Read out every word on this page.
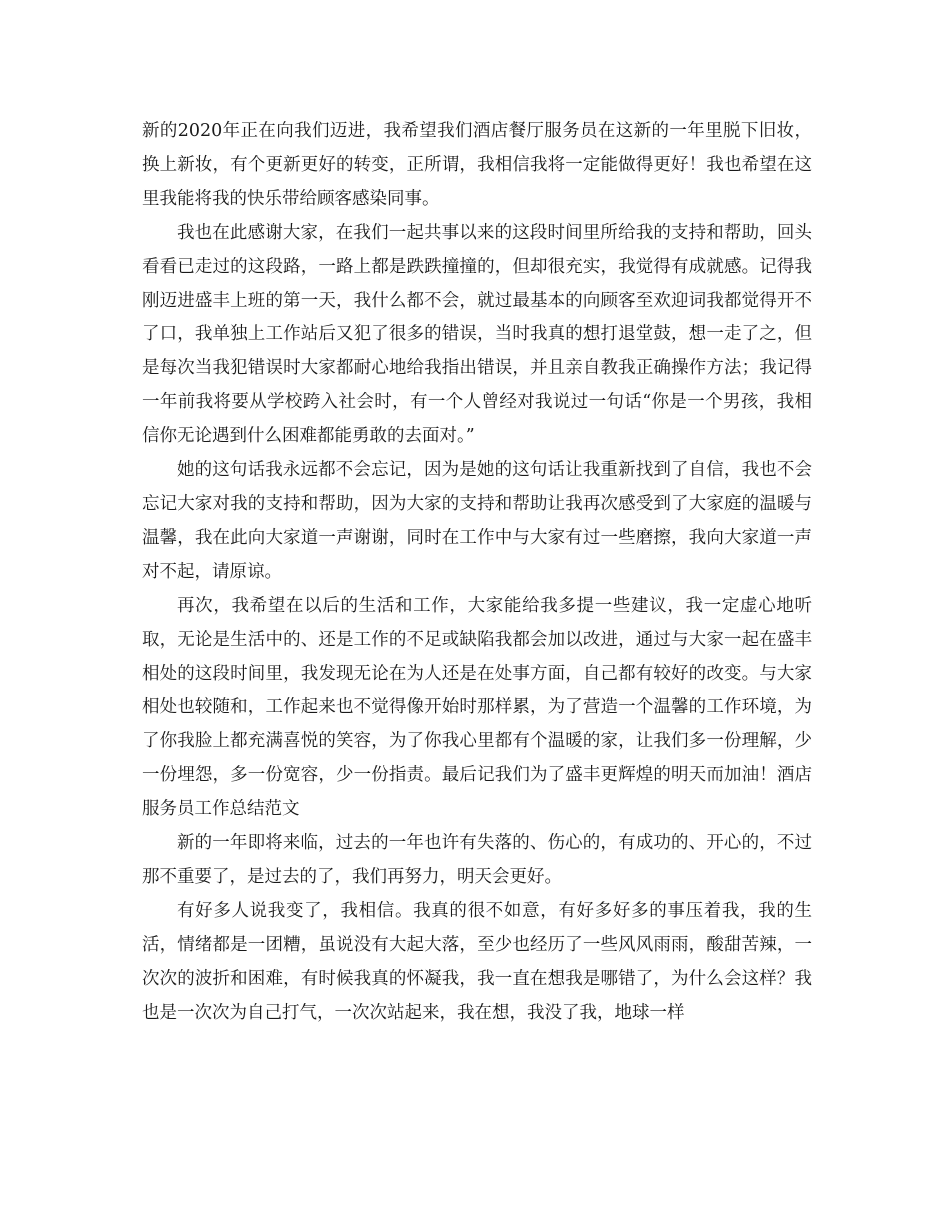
新的2020年正在向我们迈进，我希望我们酒店餐厅服务员在这新的一年里脱下旧妆，换上新妆，有个更新更好的转变，正所谓，我相信我将一定能做得更好！我也希望在这里我能将我的快乐带给顾客感染同事。

我也在此感谢大家，在我们一起共事以来的这段时间里所给我的支持和帮助，回头看看已走过的这段路，一路上都是跌跌撞撞的，但却很充实，我觉得有成就感。记得我刚迈进盛丰上班的第一天，我什么都不会，就过最基本的向顾客至欢迎词我都觉得开不了口，我单独上工作站后又犯了很多的错误，当时我真的想打退堂鼓，想一走了之，但是每次当我犯错误时大家都耐心地给我指出错误，并且亲自教我正确操作方法；我记得一年前我将要从学校跨入社会时，有一个人曾经对我说过一句话“你是一个男孩，我相信你无论遇到什么困难都能勇敢的去面对。”

她的这句话我永远都不会忘记，因为是她的这句话让我重新找到了自信，我也不会忘记大家对我的支持和帮助，因为大家的支持和帮助让我再次感受到了大家庭的温暖与温馨，我在此向大家道一声谢谢，同时在工作中与大家有过一些磨擦，我向大家道一声对不起，请原谅。

再次，我希望在以后的生活和工作，大家能给我多提一些建议，我一定虚心地听取，无论是生活中的、还是工作的不足或缺陷我都会加以改进，通过与大家一起在盛丰相处的这段时间里，我发现无论在为人还是在处事方面，自己都有较好的改变。与大家相处也较随和，工作起来也不觉得像开始时那样累，为了营造一个温馨的工作环境，为了你我脸上都充满喜悦的笑容，为了你我心里都有个温暖的家，让我们多一份理解，少一份埋怨，多一份宽容，少一份指责。最后记我们为了盛丰更辉煌的明天而加油！酒店服务员工作总结范文

新的一年即将来临，过去的一年也许有失落的、伤心的，有成功的、开心的，不过那不重要了，是过去的了，我们再努力，明天会更好。

有好多人说我变了，我相信。我真的很不如意，有好多好多的事压着我，我的生活，情绪都是一团糟，虽说没有大起大落，至少也经历了一些风风雨雨，酸甜苦辣，一次次的波折和困难，有时候我真的怀凝我，我一直在想我是哪错了，为什么会这样？我也是一次次为自己打气，一次次站起来，我在想，我没了我，地球一样
